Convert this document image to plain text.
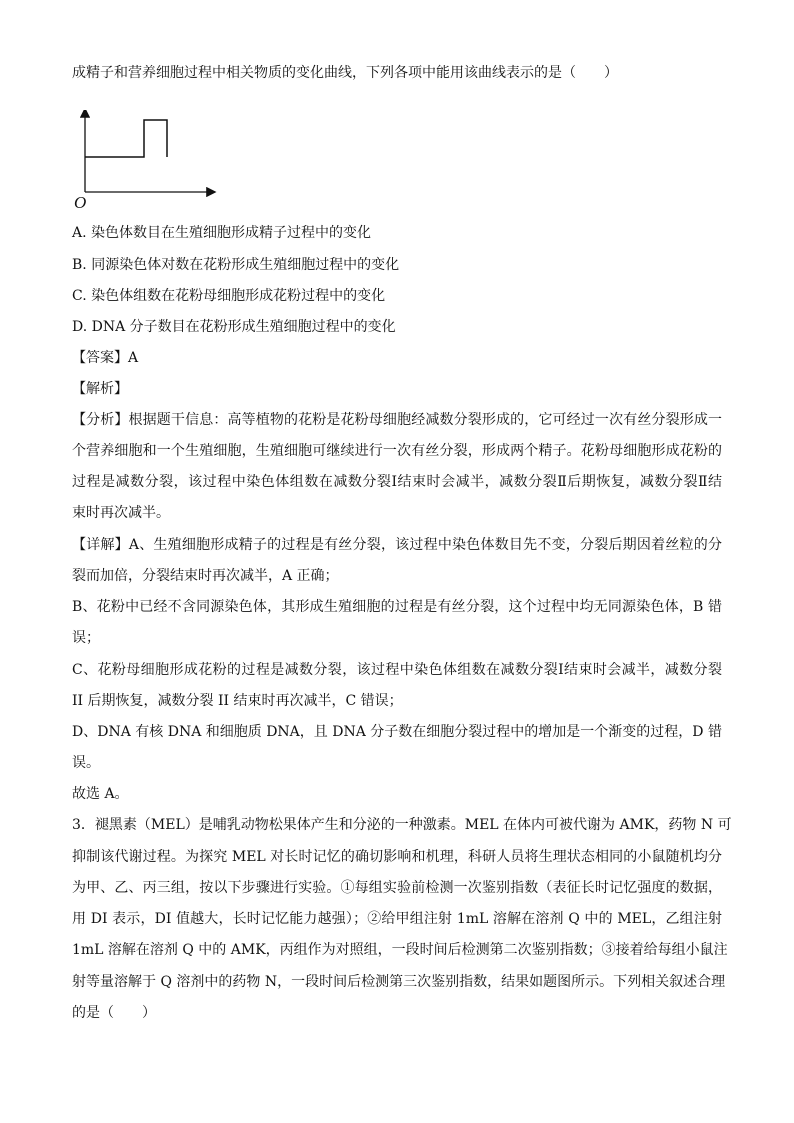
成精子和营养细胞过程中相关物质的变化曲线，下列各项中能用该曲线表示的是（　　）
O
A. 染色体数目在生殖细胞形成精子过程中的变化
B. 同源染色体对数在花粉形成生殖细胞过程中的变化
C. 染色体组数在花粉母细胞形成花粉过程中的变化
D. DNA 分子数目在花粉形成生殖细胞过程中的变化
【答案】A
【解析】
【分析】根据题干信息：高等植物的花粉是花粉母细胞经减数分裂形成的，它可经过一次有丝分裂形成一
个营养细胞和一个生殖细胞，生殖细胞可继续进行一次有丝分裂，形成两个精子。花粉母细胞形成花粉的
过程是减数分裂，该过程中染色体组数在减数分裂Ⅰ结束时会减半，减数分裂Ⅱ后期恢复，减数分裂Ⅱ结
束时再次减半。
【详解】A、生殖细胞形成精子的过程是有丝分裂，该过程中染色体数目先不变，分裂后期因着丝粒的分
裂而加倍，分裂结束时再次减半，A 正确；
B、花粉中已经不含同源染色体，其形成生殖细胞的过程是有丝分裂，这个过程中均无同源染色体，B 错
误；
C、花粉母细胞形成花粉的过程是减数分裂，该过程中染色体组数在减数分裂Ⅰ结束时会减半，减数分裂
II 后期恢复，减数分裂 II 结束时再次减半，C 错误；
D、DNA 有核 DNA 和细胞质 DNA，且 DNA 分子数在细胞分裂过程中的增加是一个渐变的过程，D 错
误。
故选 A。
3．褪黑素（MEL）是哺乳动物松果体产生和分泌的一种激素。MEL 在体内可被代谢为 AMK，药物 N 可
抑制该代谢过程。为探究 MEL 对长时记忆的确切影响和机理，科研人员将生理状态相同的小鼠随机均分
为甲、乙、丙三组，按以下步骤进行实验。①每组实验前检测一次鉴别指数（表征长时记忆强度的数据，
用 DI 表示，DI 值越大，长时记忆能力越强）；②给甲组注射 1mL 溶解在溶剂 Q 中的 MEL，乙组注射
1mL 溶解在溶剂 Q 中的 AMK，丙组作为对照组，一段时间后检测第二次鉴别指数；③接着给每组小鼠注
射等量溶解于 Q 溶剂中的药物 N，一段时间后检测第三次鉴别指数，结果如题图所示。下列相关叙述合理
的是（　　）
